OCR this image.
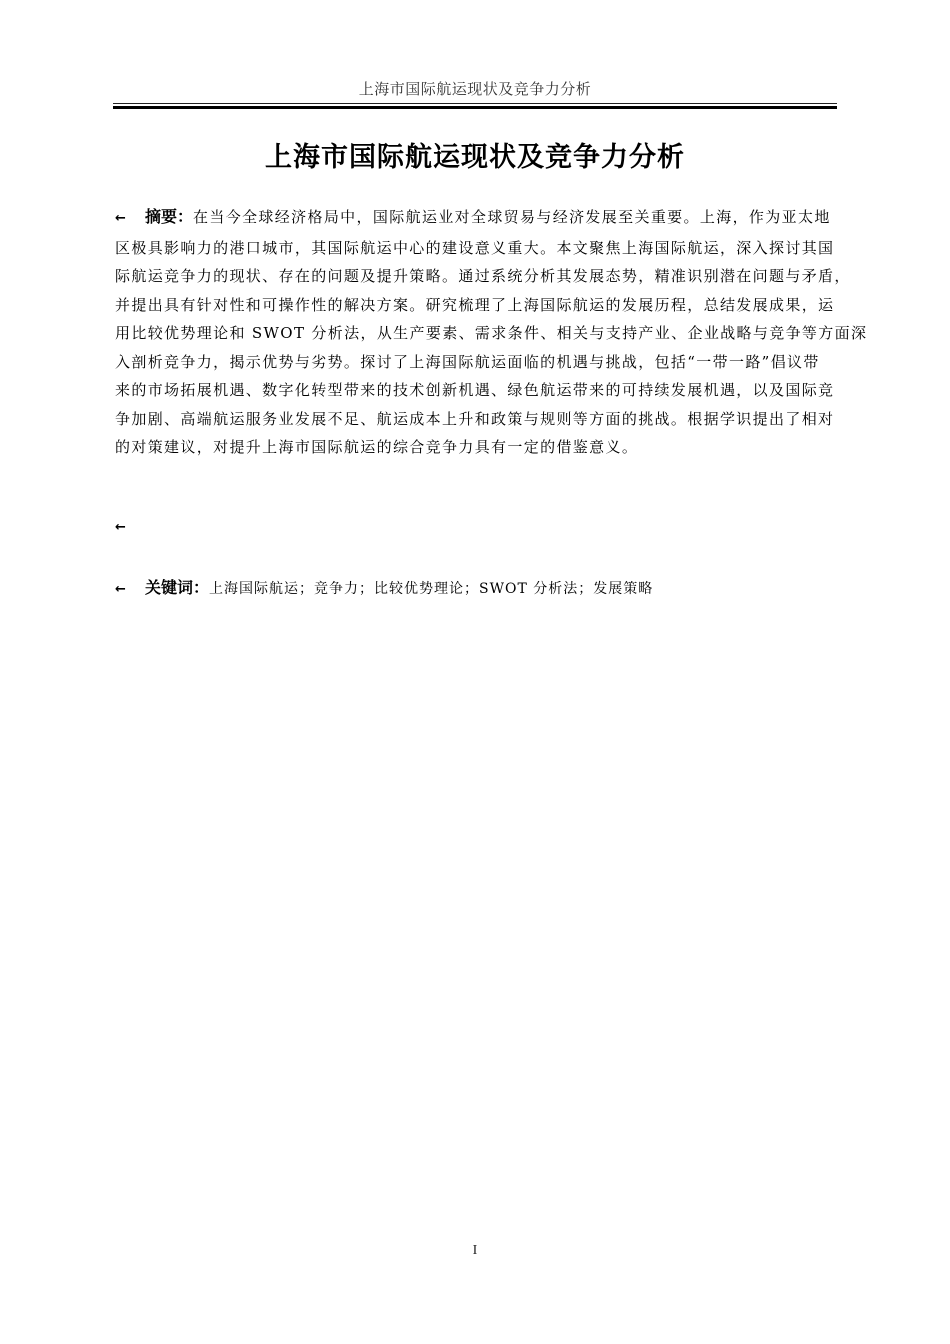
上海市国际航运现状及竞争力分析
上海市国际航运现状及竞争力分析
← 摘要：在当今全球经济格局中，国际航运业对全球贸易与经济发展至关重要。上海，作为亚太地
区极具影响力的港口城市，其国际航运中心的建设意义重大。本文聚焦上海国际航运，深入探讨其国
际航运竞争力的现状、存在的问题及提升策略。通过系统分析其发展态势，精准识别潜在问题与矛盾，
并提出具有针对性和可操作性的解决方案。研究梳理了上海国际航运的发展历程，总结发展成果，运
用比较优势理论和 SWOT 分析法，从生产要素、需求条件、相关与支持产业、企业战略与竞争等方面深
入剖析竞争力，揭示优势与劣势。探讨了上海国际航运面临的机遇与挑战，包括“一带一路”倡议带
来的市场拓展机遇、数字化转型带来的技术创新机遇、绿色航运带来的可持续发展机遇，以及国际竞
争加剧、高端航运服务业发展不足、航运成本上升和政策与规则等方面的挑战。根据学识提出了相对
的对策建议，对提升上海市国际航运的综合竞争力具有一定的借鉴意义。
←
← 关键词：上海国际航运；竞争力；比较优势理论；SWOT 分析法；发展策略
I
